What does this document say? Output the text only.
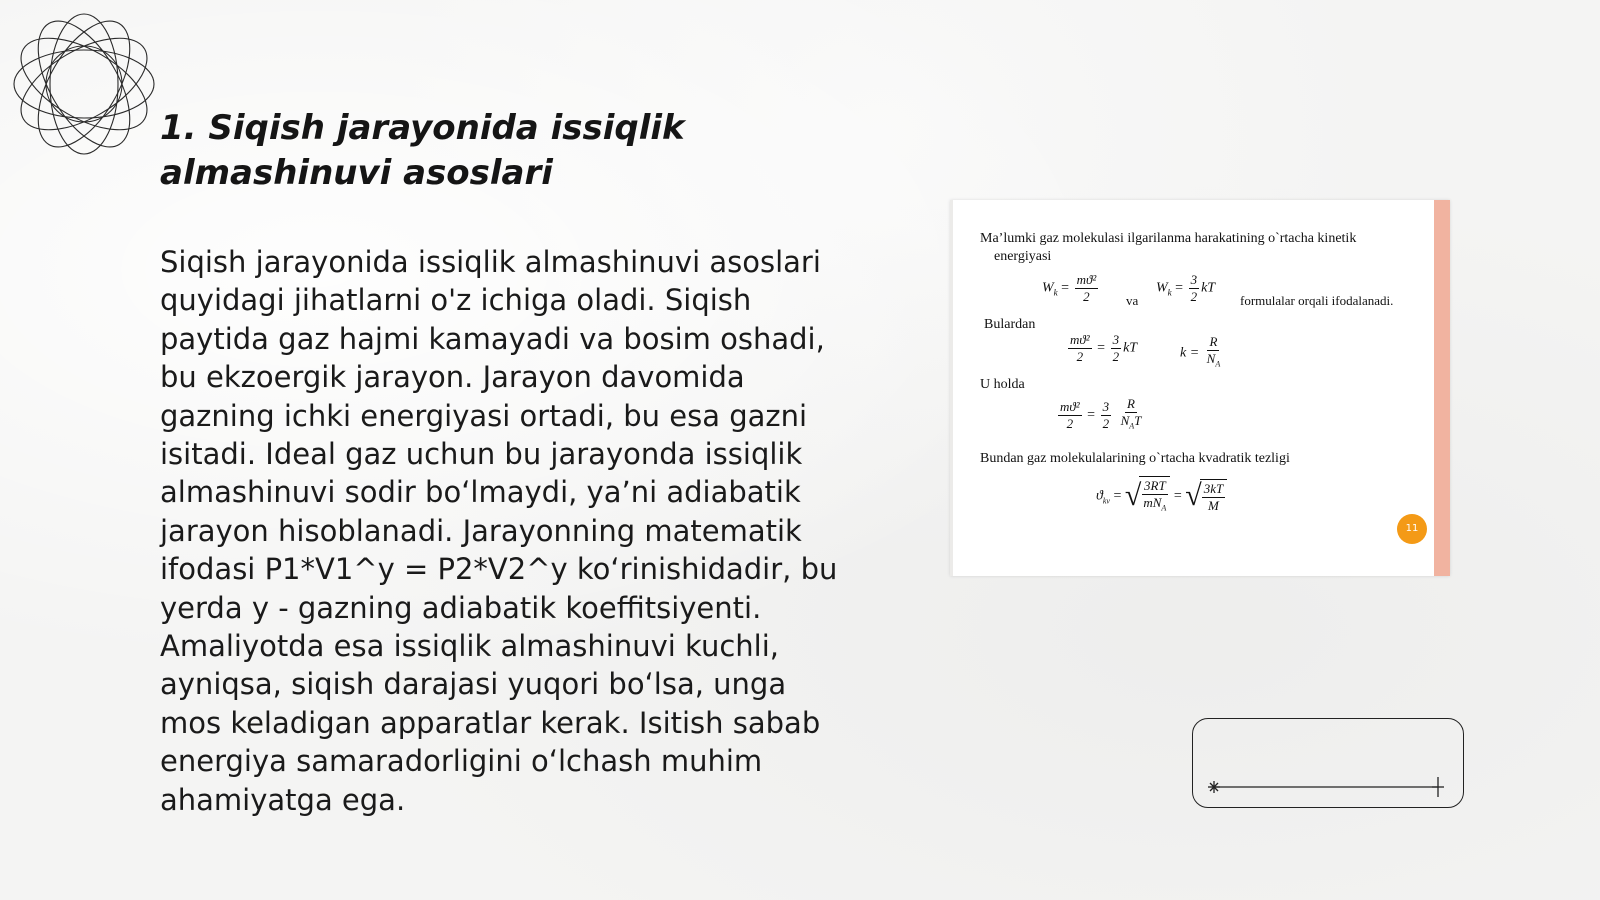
1. Siqish jarayonida issiqlik almashinuvi asoslari

Siqish jarayonida issiqlik almashinuvi asoslari quyidagi jihatlarni o'z ichiga oladi. Siqish paytida gaz hajmi kamayadi va bosim oshadi, bu ekzoergik jarayon. Jarayon davomida gazning ichki energiyasi ortadi, bu esa gazni isitadi. Ideal gaz uchun bu jarayonda issiqlik almashinuvi sodir boʻlmaydi, yaʼni adiabatik jarayon hisoblanadi. Jarayonning matematik ifodasi P1*V1^y = P2*V2^y koʻrinishidadir, bu yerda y - gazning adiabatik koeffitsiyenti. Amaliyotda esa issiqlik almashinuvi kuchli, ayniqsa, siqish darajasi yuqori boʻlsa, unga mos keladigan apparatlar kerak. Isitish sabab energiya samaradorligini oʻlchash muhim ahamiyatga ega.

Ma’lumki gaz molekulasi ilgarilanma harakatining o`rtacha kinetik
energiyasi
$W_k = \frac{\text{mϑ²}}{2}$ va
$W_k = \frac{3}{2}$ kT
formulalar orqali ifodalanadi.
Bulardan
$\frac{\text{mϑ²}}{2} = \frac{3}{2}$ kT	$k = \frac{R}{N_A}$
U holda
$\frac{\text{mϑ²}}{2} = \frac{3}{2}$
$\frac{R}{N_AT}$
Bundan gaz molekulalarining o`rtacha kvadratik tezligi
$ϑ_{kv}$ = √ $\frac{3RT}{mN_A}$ = √ $\frac{3kT}{M}$
11
